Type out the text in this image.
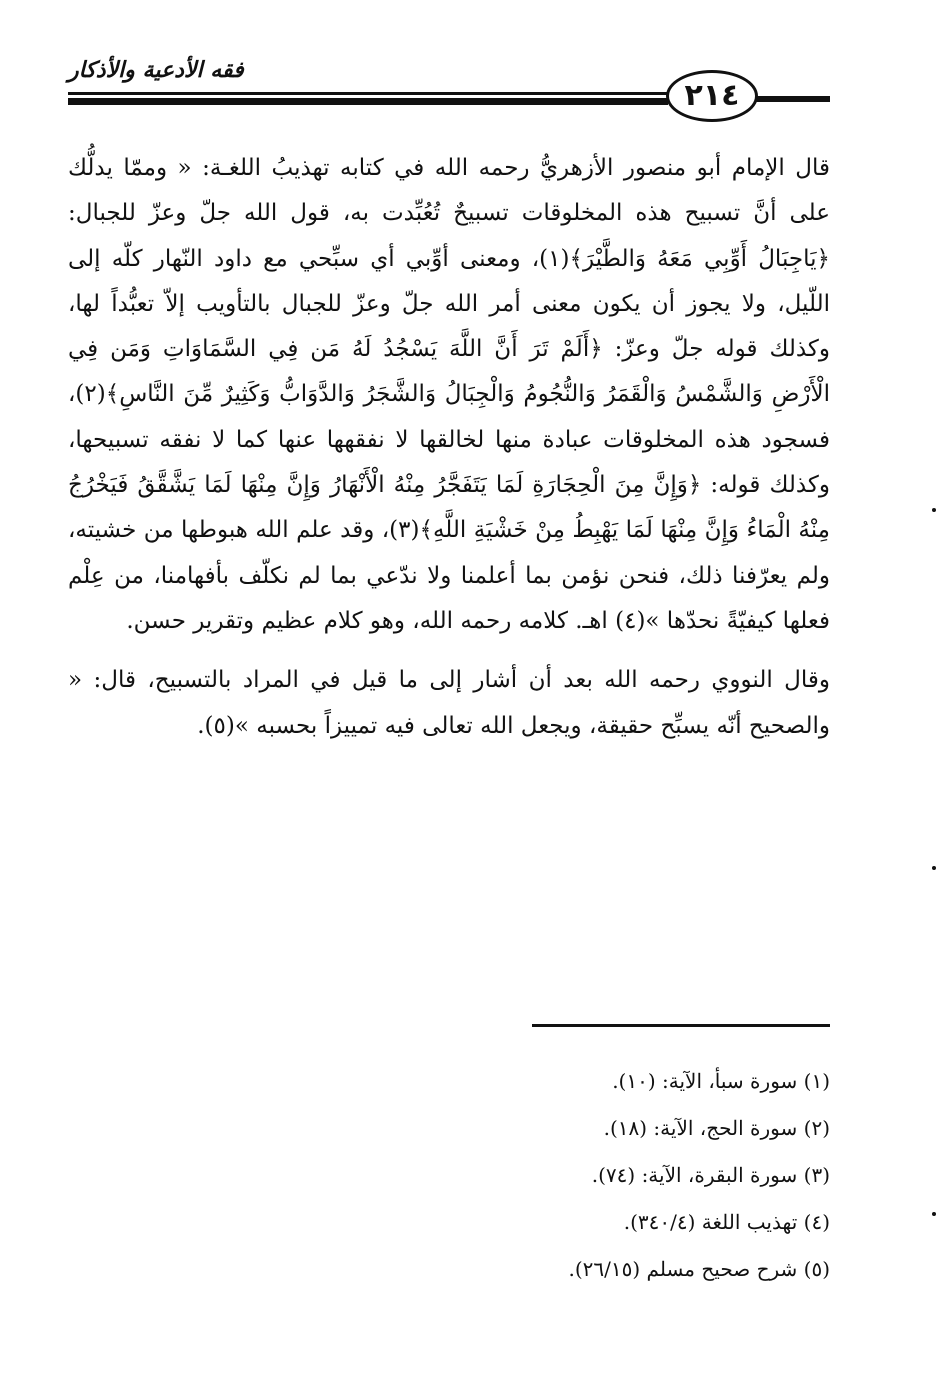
فقه الأدعية والأذكار
٢١٤

قال الإمام أبو منصور الأزهريُّ رحمه الله في كتابه تهذيبُ اللغـة: « وممّا يدلُّك على أنَّ تسبيح هذه المخلوقات تسبيحٌ تُعُبِّدت به، قول الله جلّ وعزّ للجبال: ﴿يَاجِبَالُ أَوِّبِي مَعَهُ وَالطَّيْرَ﴾(١)، ومعنى أوِّبي أي سبِّحي مع داود النّهار كلّه إلى اللّيل، ولا يجوز أن يكون معنى أمر الله جلّ وعزّ للجبال بالتأويب إلاّ تعبُّداً لها، وكذلك قوله جلّ وعزّ: ﴿أَلَمْ تَرَ أَنَّ اللَّهَ يَسْجُدُ لَهُ مَن فِي السَّمَاوَاتِ وَمَن فِي الْأَرْضِ وَالشَّمْسُ وَالْقَمَرُ وَالنُّجُومُ وَالْجِبَالُ وَالشَّجَرُ وَالدَّوَابُّ وَكَثِيرٌ مِّنَ النَّاسِ﴾(٢)، فسجود هذه المخلوقات عبادة منها لخالقها لا نفقهها عنها كما لا نفقه تسبيحها، وكذلك قوله: ﴿وَإِنَّ مِنَ الْحِجَارَةِ لَمَا يَتَفَجَّرُ مِنْهُ الْأَنْهَارُ وَإِنَّ مِنْهَا لَمَا يَشَّقَّقُ فَيَخْرُجُ مِنْهُ الْمَاءُ وَإِنَّ مِنْهَا لَمَا يَهْبِطُ مِنْ خَشْيَةِ اللَّهِ﴾(٣)، وقد علم الله هبوطها من خشيته، ولم يعرّفنا ذلك، فنحن نؤمن بما أعلمنا ولا ندّعي بما لم نكلّف بأفهامنا، من عِلْم فعلها كيفيّةً نحدّها »(٤) اهـ. كلامه رحمه الله، وهو كلام عظيم وتقرير حسن.

وقال النووي رحمه الله بعد أن أشار إلى ما قيل في المراد بالتسبيح، قال: « والصحيح أنّه يسبِّح حقيقة، ويجعل الله تعالى فيه تمييزاً بحسبه »(٥).

(١) سورة سبأ، الآية: (١٠).
(٢) سورة الحج، الآية: (١٨).
(٣) سورة البقرة، الآية: (٧٤).
(٤) تهذيب اللغة (٣٤٠/٤).
(٥) شرح صحيح مسلم (٢٦/١٥).
